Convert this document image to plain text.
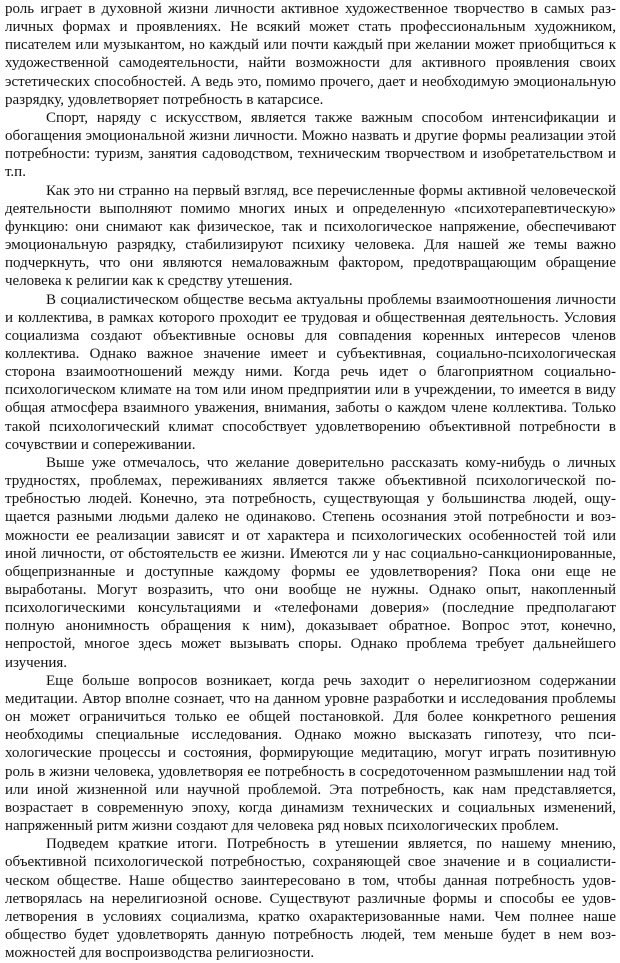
роль играет в духовной жизни личности активное художественное творчество в самых различных формах и проявлениях. Не всякий может стать профессиональным художником, писателем или музыкантом, но каждый или почти каждый при желании может приобщиться к художественной самодеятельности, найти возможности для активного проявления своих эстетических способностей. А ведь это, помимо прочего, дает и необходимую эмоциональную разрядку, удовлетворяет потребность в катарсисе.

Спорт, наряду с искусством, является также важным способом интенсификации и обогащения эмоциональной жизни личности. Можно назвать и другие формы реализации этой потребности: туризм, занятия садоводством, техническим творчеством и изобретательством и т.п.

Как это ни странно на первый взгляд, все перечисленные формы активной человеческой деятельности выполняют помимо многих иных и определенную «психотерапевтическую» функцию: они снимают как физическое, так и психологическое напряжение, обеспечивают эмоциональную разрядку, стабилизируют психику человека. Для нашей же темы важно подчеркнуть, что они являются немаловажным фактором, предотвращающим обращение человека к религии как к средству утешения.

В социалистическом обществе весьма актуальны проблемы взаимоотношения личности и коллектива, в рамках которого проходит ее трудовая и общественная деятельность. Условия социализма создают объективные основы для совпадения коренных интересов членов коллектива. Однако важное значение имеет и субъективная, социально-психологическая сторона взаимоотношений между ними. Когда речь идет о благоприятном социально-психологическом климате на том или ином предприятии или в учреждении, то имеется в виду общая атмосфера взаимного уважения, внимания, заботы о каждом члене коллектива. Только такой психологический климат способствует удовлетворению объективной потребности в сочувствии и сопереживании.

Выше уже отмечалось, что желание доверительно рассказать кому-нибудь о личных трудностях, проблемах, переживаниях является также объективной психологической потребностью людей. Конечно, эта потребность, существующая у большинства людей, ощущается разными людьми далеко не одинаково. Степень осознания этой потребности и возможности ее реализации зависят и от характера и психологических особенностей той или иной личности, от обстоятельств ее жизни. Имеются ли у нас социально-санкционированные, общепризнанные и доступные каждому формы ее удовлетворения? Пока они еще не выработаны. Могут возразить, что они вообще не нужны. Однако опыт, накопленный психологическими консультациями и «телефонами доверия» (последние предполагают полную анонимность обращения к ним), доказывает обратное. Вопрос этот, конечно, непростой, многое здесь может вызывать споры. Однако проблема требует дальнейшего изучения.

Еще больше вопросов возникает, когда речь заходит о нерелигиозном содержании медитации. Автор вполне сознает, что на данном уровне разработки и исследования проблемы он может ограничиться только ее общей постановкой. Для более конкретного решения необходимы специальные исследования. Однако можно высказать гипотезу, что психологические процессы и состояния, формирующие медитацию, могут играть позитивную роль в жизни человека, удовлетворяя ее потребность в сосредоточенном размышлении над той или иной жизненной или научной проблемой. Эта потребность, как нам представляется, возрастает в современную эпоху, когда динамизм технических и социальных изменений, напряженный ритм жизни создают для человека ряд новых психологических проблем.

Подведем краткие итоги. Потребность в утешении является, по нашему мнению, объективной психологической потребностью, сохраняющей свое значение и в социалистическом обществе. Наше общество заинтересовано в том, чтобы данная потребность удовлетворялась на нерелигиозной основе. Существуют различные формы и способы ее удовлетворения в условиях социализма, кратко охарактеризованные нами. Чем полнее наше общество будет удовлетворять данную потребность людей, тем меньше будет в нем возможностей для воспроизводства религиозности.
